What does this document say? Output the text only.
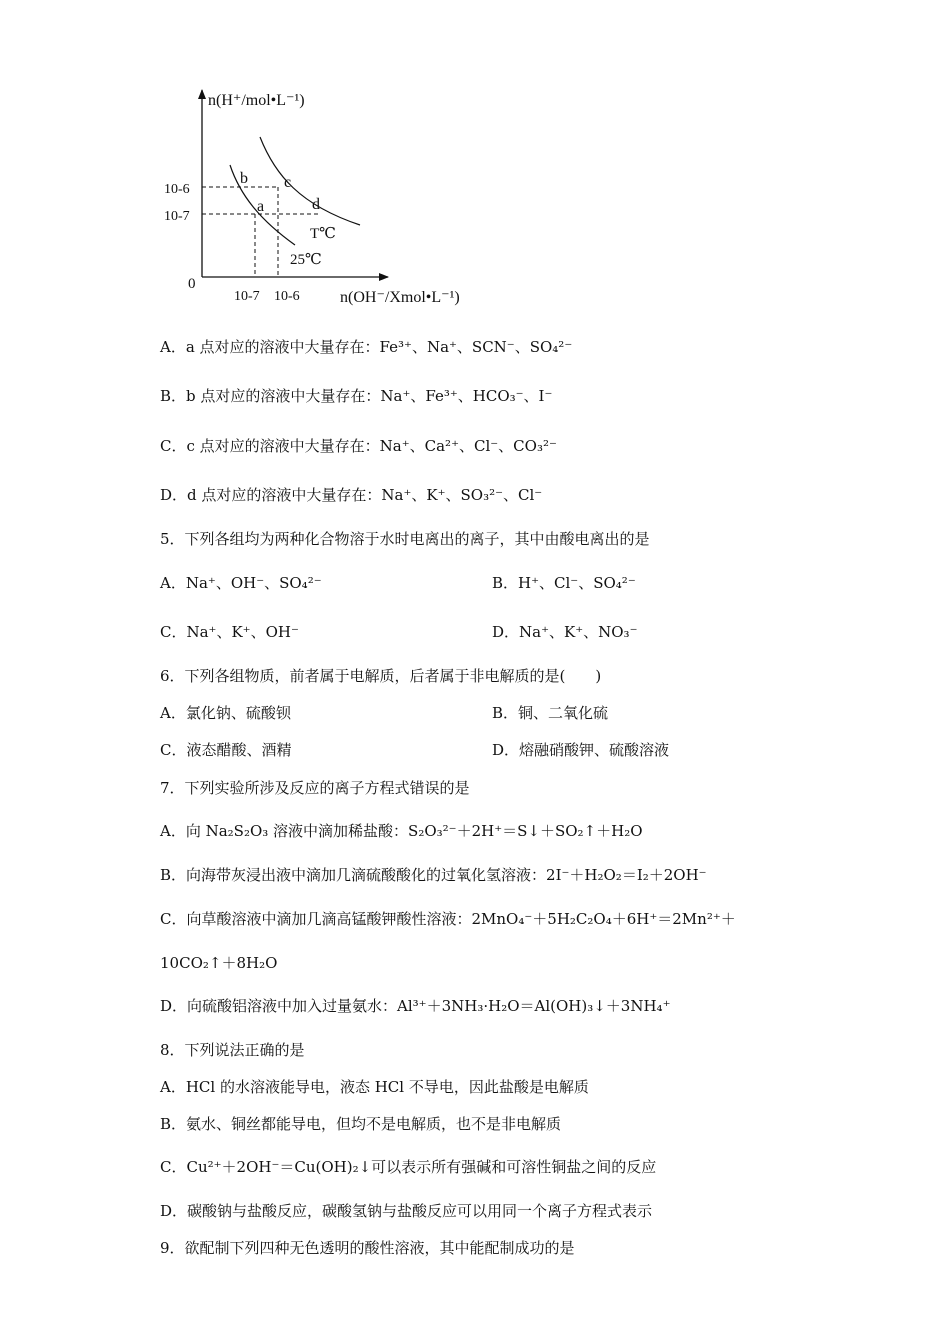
n(H⁺/mol•L⁻¹)
n(OH⁻/Xmol•L⁻¹)
0
10-6
10-7
10-7 10-6
b c
a	d
T℃
25℃
A．a 点对应的溶液中大量存在：Fe³⁺、Na⁺、SCN⁻、SO₄²⁻
B．b 点对应的溶液中大量存在：Na⁺、Fe³⁺、HCO₃⁻、I⁻
C．c 点对应的溶液中大量存在：Na⁺、Ca²⁺、Cl⁻、CO₃²⁻
D．d 点对应的溶液中大量存在：Na⁺、K⁺、SO₃²⁻、Cl⁻
5．下列各组均为两种化合物溶于水时电离出的离子，其中由酸电离出的是
A．Na⁺、OH⁻、SO₄²⁻	B．H⁺、Cl⁻、SO₄²⁻
C．Na⁺、K⁺、OH⁻	D．Na⁺、K⁺、NO₃⁻
6．下列各组物质，前者属于电解质，后者属于非电解质的是(　　)
A．氯化钠、硫酸钡	B．铜、二氧化硫
C．液态醋酸、酒精	D．熔融硝酸钾、硫酸溶液
7．下列实验所涉及反应的离子方程式错误的是
A．向 Na₂S₂O₃ 溶液中滴加稀盐酸：S₂O₃²⁻＋2H⁺＝S↓＋SO₂↑＋H₂O
B．向海带灰浸出液中滴加几滴硫酸酸化的过氧化氢溶液：2I⁻＋H₂O₂＝I₂＋2OH⁻
C．向草酸溶液中滴加几滴高锰酸钾酸性溶液：2MnO₄⁻＋5H₂C₂O₄＋6H⁺＝2Mn²⁺＋
10CO₂↑＋8H₂O
D．向硫酸铝溶液中加入过量氨水：Al³⁺＋3NH₃·H₂O＝Al(OH)₃↓＋3NH₄⁺
8．下列说法正确的是
A．HCl 的水溶液能导电，液态 HCl 不导电，因此盐酸是电解质
B．氨水、铜丝都能导电，但均不是电解质，也不是非电解质
C．Cu²⁺＋2OH⁻＝Cu(OH)₂↓可以表示所有强碱和可溶性铜盐之间的反应
D．碳酸钠与盐酸反应，碳酸氢钠与盐酸反应可以用同一个离子方程式表示
9．欲配制下列四种无色透明的酸性溶液，其中能配制成功的是
